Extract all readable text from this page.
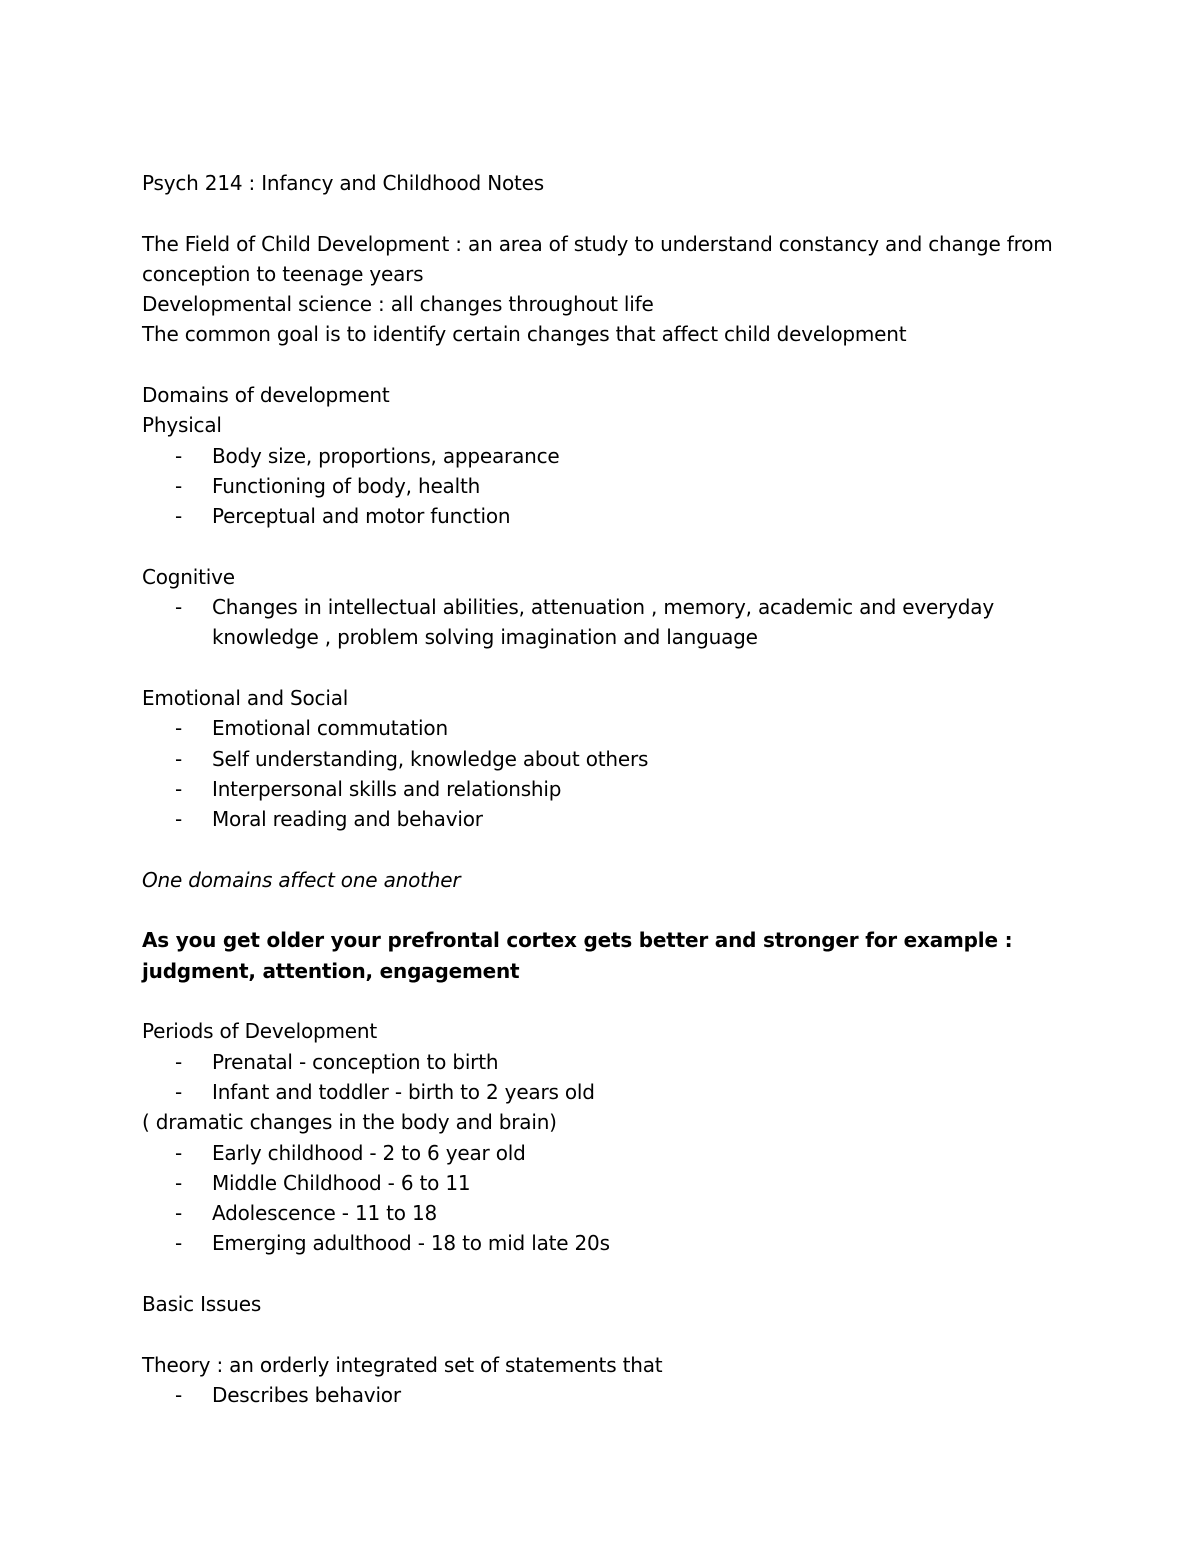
Psych 214 : Infancy and Childhood Notes
The Field of Child Development : an area of study to understand constancy and change from conception to teenage years
Developmental science : all changes throughout life
The common goal is to identify certain changes that affect child development
Domains of development
Physical
- Body size, proportions, appearance
- Functioning of body, health
- Perceptual and motor function
Cognitive
- Changes in intellectual abilities, attenuation , memory, academic and everyday knowledge , problem solving imagination and language
Emotional and Social
- Emotional commutation
- Self understanding, knowledge about others
- Interpersonal skills and relationship
- Moral reading and behavior
One domains affect one another
As you get older your prefrontal cortex gets better and stronger for example : judgment, attention, engagement
Periods of Development
- Prenatal - conception to birth
- Infant and toddler - birth to 2 years old
( dramatic changes in the body and brain)
- Early childhood - 2 to 6 year old
- Middle Childhood - 6 to 11
- Adolescence - 11 to 18
- Emerging adulthood - 18 to mid late 20s
Basic Issues
Theory : an orderly integrated set of statements that
- Describes behavior
